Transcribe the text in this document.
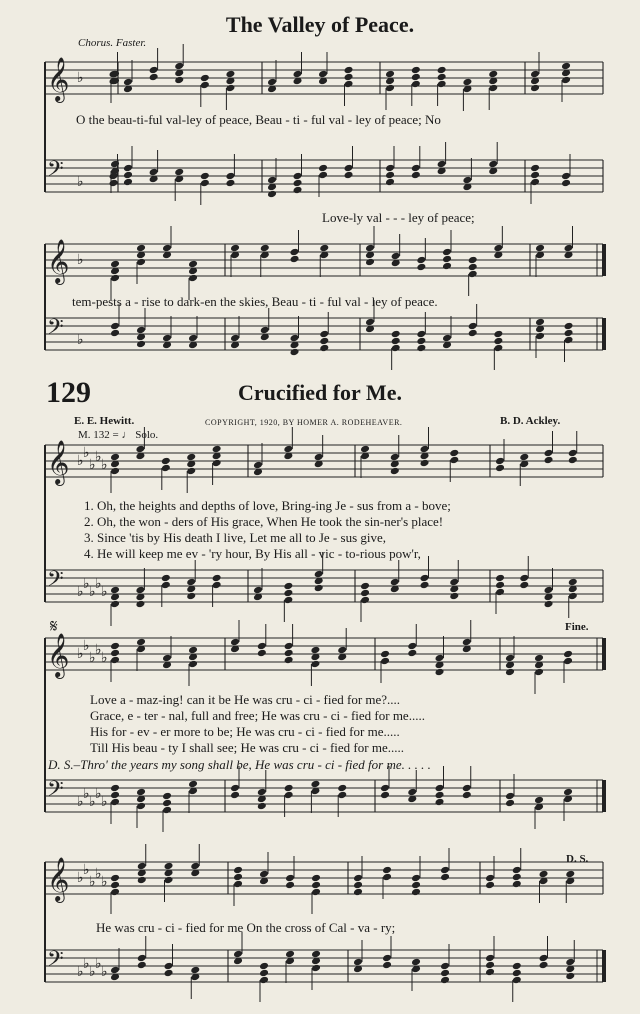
The Valley of Peace.
Chorus. Faster.
O the beau-ti-ful val-ley of peace, Beau - ti - ful val - ley of peace; No
Love-ly val - - - ley of peace;
tem-pests a - rise to dark-en the skies, Beau - ti - ful val - ley of peace.
129	Crucified for Me.
E. E. Hewitt.	COPYRIGHT, 1920, BY HOMER A. RODEHEAVER.	B. D. Ackley.
M. 132 = ♩ Solo.
1. Oh, the heights and depths of love, Bring-ing Je - sus from a - bove;
2. Oh, the won - ders of His grace, When He took the sin-ner's place!
3. Since 'tis by His death I live, Let me all to Je - sus give,
4. He will keep me ev - 'ry hour, By His all - vic - to-rious pow'r,
Fine.
Love a - maz-ing! can it be He was cru - ci - fied for me?....
Grace, e - ter - nal, full and free; He was cru - ci - fied for me.....
His for - ev - er more to be; He was cru - ci - fied for me.....
Till His beau - ty I shall see; He was cru - ci - fied for me.....
D. S.–Thro' the years my song shall be, He was cru - ci - fied for me. . . . .
D. S.
He was cru - ci - fied for me On the cross of Cal - va - ry;
𝄞 ♭
𝄢 ♭
𝄞 ♭
𝄢 ♭
𝄞 ♭ ♭
♭ ♭ ♭
𝄢 ♭ ♭ ♭ ♭ ♭
𝄞 ♭ ♭
♭ ♭ ♭
𝄢 ♭ ♭ ♭ ♭ ♭
𝄞 ♭ ♭
♭ ♭ ♭
𝄢 ♭ ♭ ♭ ♭ ♭
𝄋
